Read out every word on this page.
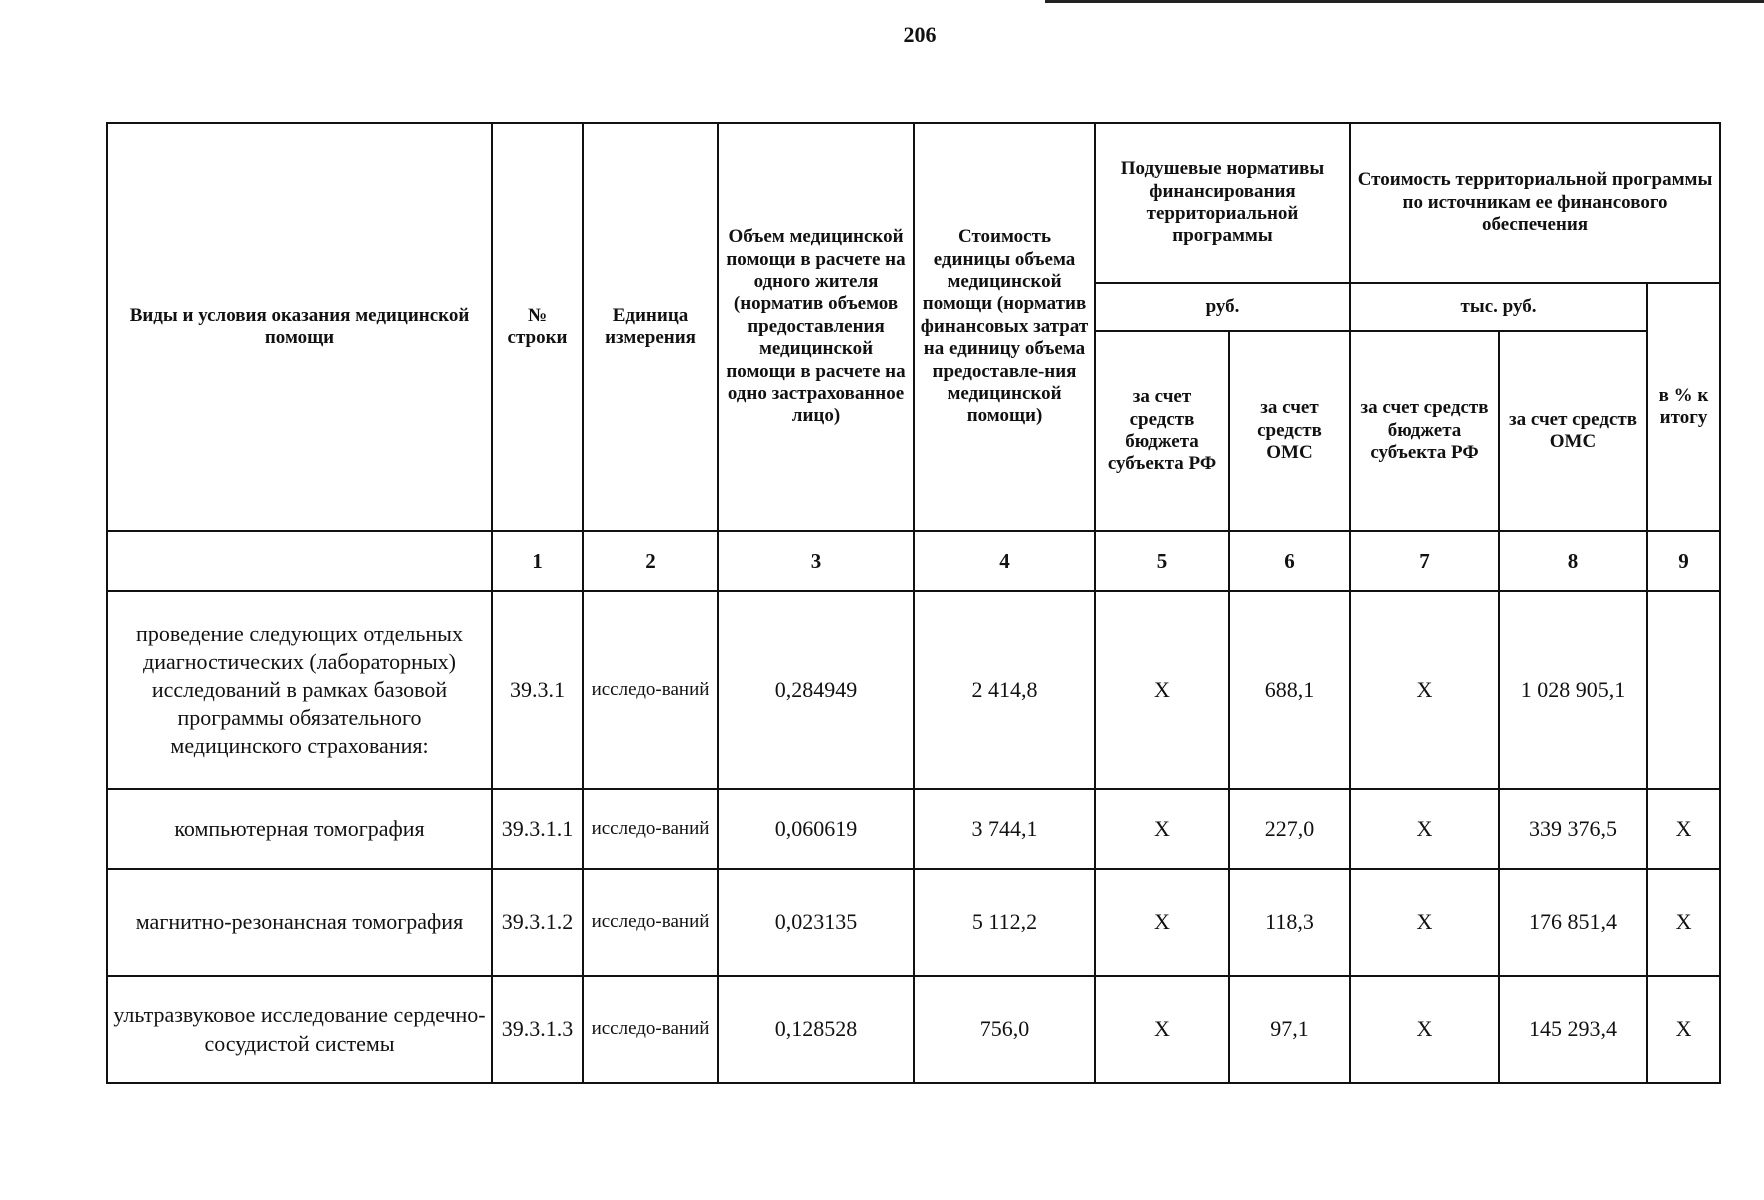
206
Виды и условия оказания медицинской помощи	№ строки	Единица измерения	Объем медицинской помощи в расчете на одного жителя (норматив объемов предоставления медицинской помощи в расчете на одно застрахованное лицо)	Стоимость единицы объема медицинской помощи (норматив финансовых затрат на единицу объема предоставле-ния медицинской помощи)	Подушевые нормативы финансирования территориальной программы		Стоимость территориальной программы по источникам ее финансового обеспечения		
					руб.		тыс. руб.		в % к итогу
					за счет средств бюджета субъекта РФ	за счет средств ОМС	за счет средств бюджета субъекта РФ	за счет средств ОМС	
	1	2	3	4	5	6	7	8	9
проведение следующих отдельных диагностических (лабораторных) исследований в рамках базовой программы обязательного медицинского страхования:	39.3.1	исследо-ваний	0,284949	2 414,8	X	688,1	X	1 028 905,1	
компьютерная томография	39.3.1.1	исследо-ваний	0,060619	3 744,1	X	227,0	X	339 376,5	X
магнитно-резонансная томография	39.3.1.2	исследо-ваний	0,023135	5 112,2	X	118,3	X	176 851,4	X
ультразвуковое исследование сердечно-сосудистой системы	39.3.1.3	исследо-ваний	0,128528	756,0	X	97,1	X	145 293,4	X
